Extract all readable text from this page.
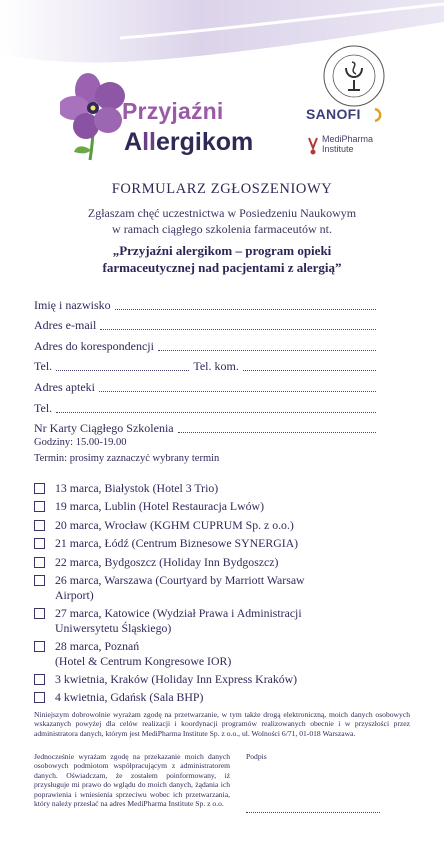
Przyjaźni
Allergikom
SANOFI
MediPharma
Institute
FORMULARZ ZGŁOSZENIOWY
Zgłaszam chęć uczestnictwa w Posiedzeniu Naukowym
w ramach ciągłego szkolenia farmaceutów nt.
„Przyjaźni alergikom – program opieki
farmaceutycznej nad pacjentami z alergią”
Imię i nazwisko
Adres e-mail
Adres do korespondencji
Tel.	Tel. kom.
Adres apteki
Tel.
Nr Karty Ciągłego Szkolenia
Godziny: 15.00-19.00
Termin: prosimy zaznaczyć wybrany termin
13 marca, Białystok (Hotel 3 Trio)
19 marca, Lublin (Hotel Restauracja Lwów)
20 marca, Wrocław (KGHM CUPRUM Sp. z o.o.)
21 marca, Łódź (Centrum Biznesowe SYNERGIA)
22 marca, Bydgoszcz (Holiday Inn Bydgoszcz)
26 marca, Warszawa (Courtyard by Marriott Warsaw
Airport)
27 marca, Katowice (Wydział Prawa i Administracji
Uniwersytetu Śląskiego)
28 marca, Poznań
(Hotel & Centrum Kongresowe IOR)
3 kwietnia, Kraków (Holiday Inn Express Kraków)
4 kwietnia, Gdańsk (Sala BHP)
Niniejszym dobrowolnie wyrażam zgodę na przetwarzanie, w tym także drogą elektroniczną, moich danych osobowych wskazanych powyżej dla celów realizacji i koordynacji programów realizowanych obecnie i w przyszłości przez administratora danych, którym jest MediPharma Institute Sp. z o.o., ul. Wolności 6/71, 01-018 Warszawa.
Jednocześnie wyrażam zgodę na przekazanie moich danych osobowych podmiotom współpracującym z administratorem danych. Oświadczam, że zostałem poinformowany, iż przysługuje mi prawo do wglądu do moich danych, żądania ich poprawienia i wniesienia sprzeciwu wobec ich przetwarzania, który należy przesłać na adres MediPharma Institute Sp. z o.o.
Podpis
